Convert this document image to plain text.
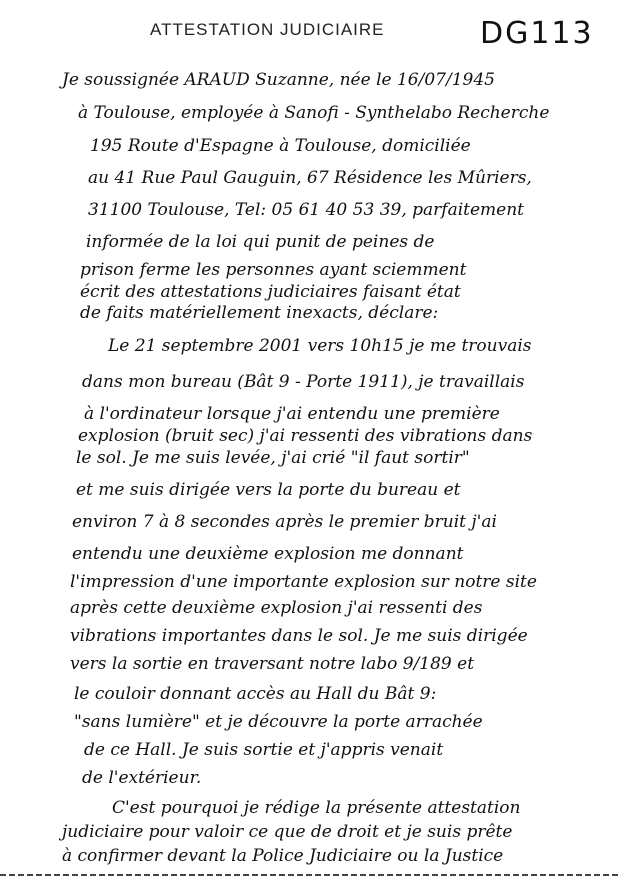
ATTESTATION JUDICIAIRE	DG113
Je soussignée ARAUD Suzanne, née le 16/07/1945
à Toulouse, employée à Sanofi - Synthelabo Recherche
195 Route d'Espagne à Toulouse, domiciliée
au 41 Rue Paul Gauguin, 67 Résidence les Mûriers,
31100 Toulouse, Tel: 05 61 40 53 39, parfaitement
informée de la loi qui punit de peines de
prison ferme les personnes ayant sciemment
écrit des attestations judiciaires faisant état
de faits matériellement inexacts, déclare:
Le 21 septembre 2001 vers 10h15 je me trouvais
dans mon bureau (Bât 9 - Porte 1911), je travaillais
à l'ordinateur lorsque j'ai entendu une première
explosion (bruit sec) j'ai ressenti des vibrations dans
le sol. Je me suis levée, j'ai crié "il faut sortir"
et me suis dirigée vers la porte du bureau et
environ 7 à 8 secondes après le premier bruit j'ai
entendu une deuxième explosion me donnant
l'impression d'une importante explosion sur notre site
après cette deuxième explosion j'ai ressenti des
vibrations importantes dans le sol. Je me suis dirigée
vers la sortie en traversant notre labo 9/189 et
le couloir donnant accès au Hall du Bât 9:
"sans lumière" et je découvre la porte arrachée
de ce Hall. Je suis sortie et j'appris venait
de l'extérieur.
C'est pourquoi je rédige la présente attestation
judiciaire pour valoir ce que de droit et je suis prête
à confirmer devant la Police Judiciaire ou la Justice
